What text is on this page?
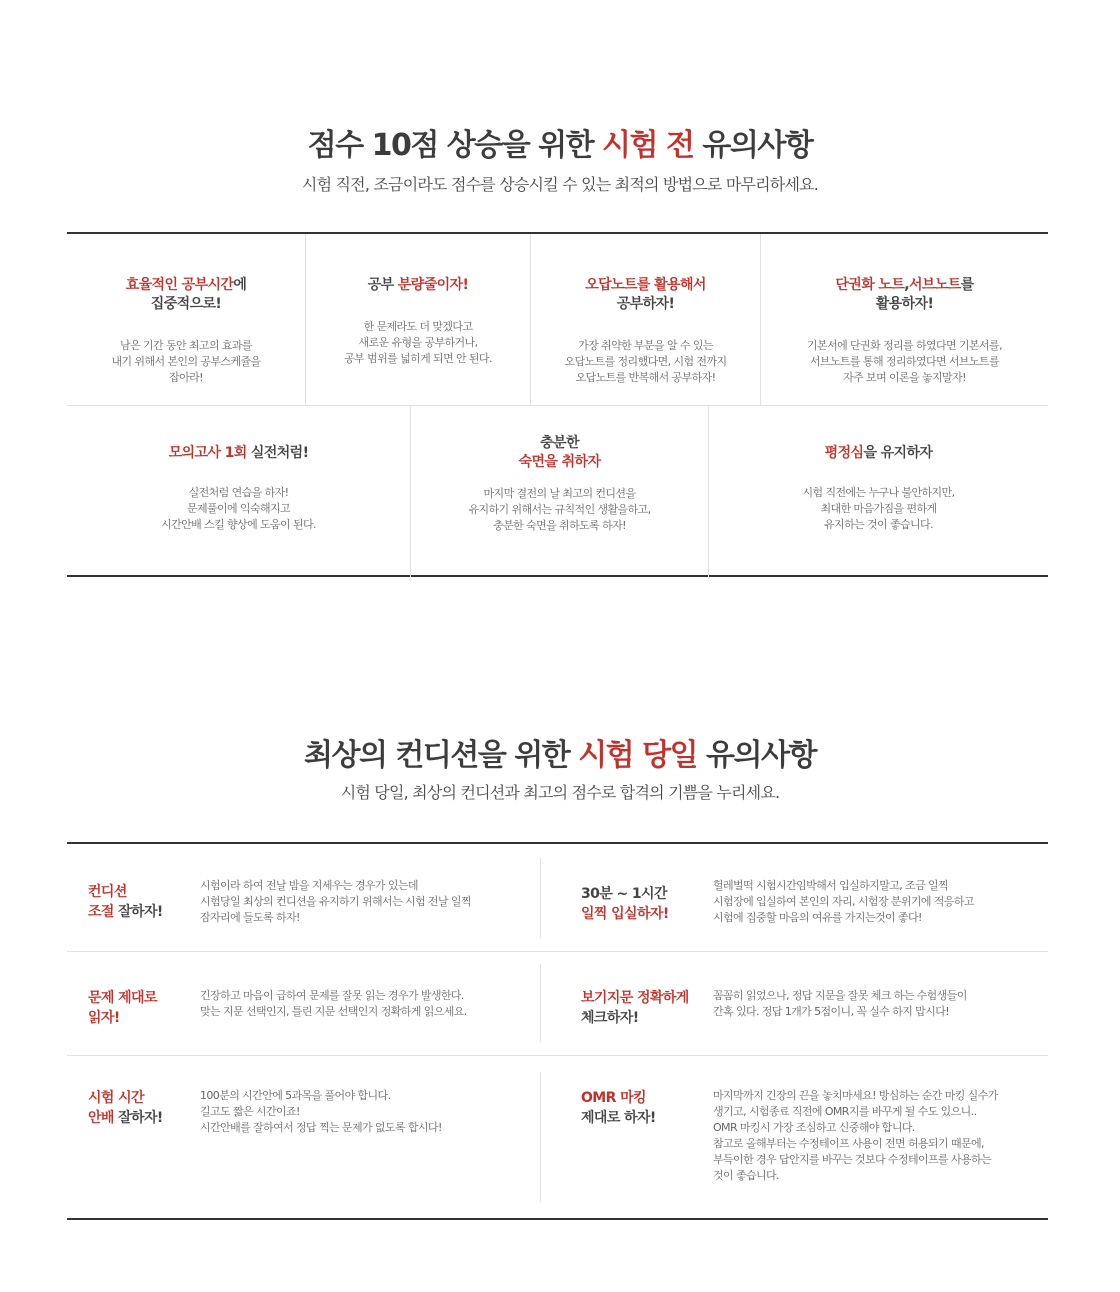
점수 10점 상승을 위한 시험 전 유의사항
시험 직전, 조금이라도 점수를 상승시킬 수 있는 최적의 방법으로 마무리하세요.
효율적인 공부시간에
집중적으로!
남은 기간 동안 최고의 효과를
내기 위해서 본인의 공부스케쥴을
잡아라!
공부 분량줄이자!
한 문제라도 더 맞겠다고
새로운 유형을 공부하거나,
공부 범위를 넓히게 되면 안 된다.
오답노트를 활용해서
공부하자!
가장 취약한 부분을 알 수 있는
오답노트를 정리했다면, 시험 전까지
오답노트를 반복해서 공부하자!
단권화 노트,서브노트를
활용하자!
기본서에 단권화 정리를 하였다면 기본서를,
서브노트를 통해 정리하였다면 서브노트를
자주 보며 이론을 놓지말자!
모의고사 1회 실전처럼!
실전처럼 연습을 하자!
문제풀이에 익숙해지고
시간안배 스킬 향상에 도움이 된다.
충분한
숙면을 취하자
마지막 결전의 날 최고의 컨디션을
유지하기 위해서는 규칙적인 생활을하고,
충분한 숙면을 취하도록 하자!
평정심을 유지하자
시험 직전에는 누구나 불안하지만,
최대한 마음가짐을 편하게
유지하는 것이 좋습니다.
최상의 컨디션을 위한 시험 당일 유의사항
시험 당일, 최상의 컨디션과 최고의 점수로 합격의 기쁨을 누리세요.
컨디션
조절 잘하자!
시험이라 하여 전날 밤을 지세우는 경우가 있는데
시험당일 최상의 컨디션을 유지하기 위해서는 시험 전날 일찍
잠자리에 들도록 하자!
30분 ~ 1시간
일찍 입실하자!
헐레벌떡 시험시간임박해서 입실하지말고, 조금 일찍
시험장에 입실하여 본인의 자리, 시험장 분위기에 적응하고
시험에 집중할 마음의 여유를 가지는것이 좋다!
문제 제대로
읽자!
긴장하고 마음이 급하여 문제를 잘못 읽는 경우가 발생한다.
맞는 지문 선택인지, 틀린 지문 선택인지 정확하게 읽으세요.
보기지문 정확하게
체크하자!
꼼꼼히 읽었으나, 정답 지문을 잘못 체크 하는 수험생들이
간혹 있다. 정답 1개가 5점이니, 꼭 실수 하지 맙시다!
시험 시간
안배 잘하자!
100분의 시간안에 5과목을 풀어야 합니다.
길고도 짧은 시간이죠!
시간안배를 잘하여서 정답 찍는 문제가 없도록 합시다!
OMR 마킹
제대로 하자!
마지막까지 긴장의 끈을 놓치마세요! 방심하는 순간 마킹 실수가
생기고, 시험종료 직전에 OMR지를 바꾸게 될 수도 있으니..
OMR 마킹시 가장 조심하고 신중해야 합니다.
참고로 올해부터는 수정테이프 사용이 전면 허용되기 때문에,
부득이한 경우 답안지를 바꾸는 것보다 수정테이프를 사용하는
것이 좋습니다.
